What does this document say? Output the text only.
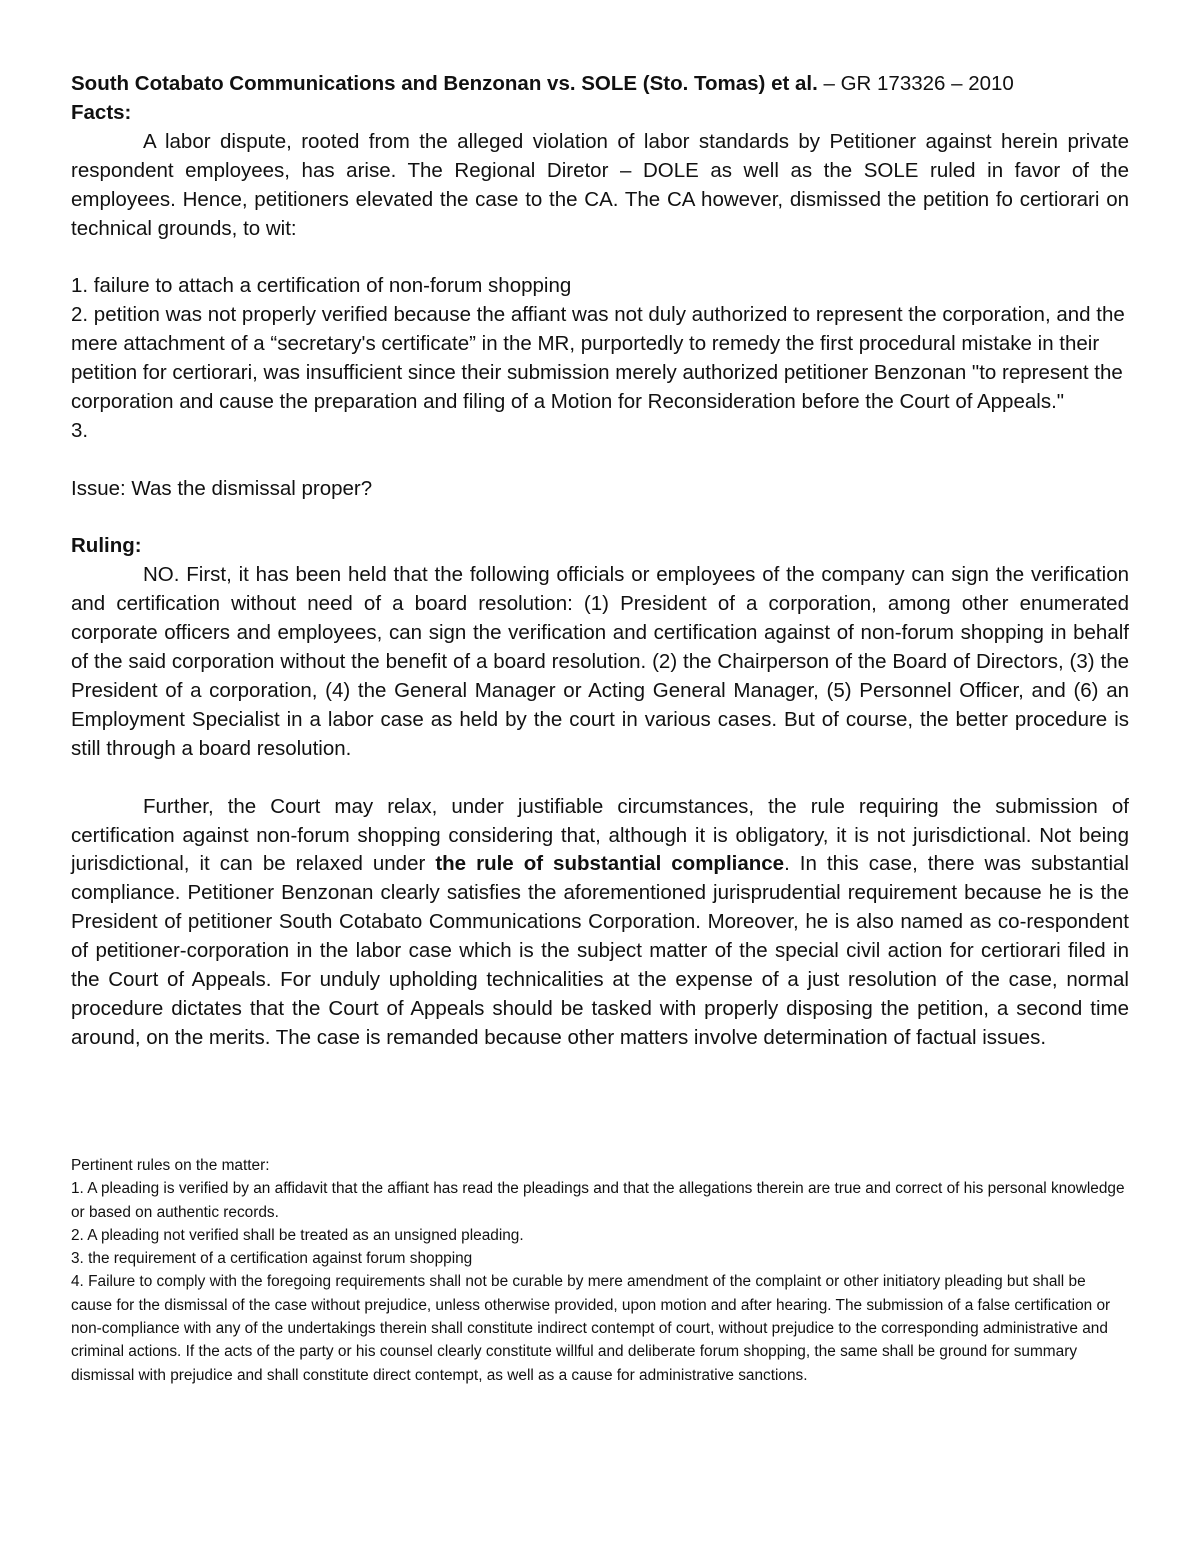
South Cotabato Communications and Benzonan vs. SOLE (Sto. Tomas) et al. – GR 173326 – 2010

Facts:

A labor dispute, rooted from the alleged violation of labor standards by Petitioner against herein private respondent employees, has arise. The Regional Diretor – DOLE as well as the SOLE ruled in favor of the employees. Hence, petitioners elevated the case to the CA. The CA however, dismissed the petition fo certiorari on technical grounds, to wit:

1. failure to attach a certification of non-forum shopping

2. petition was not properly verified because the affiant was not duly authorized to represent the corporation, and the mere attachment of a “secretary's certificate” in the MR, purportedly to remedy the first procedural mistake in their petition for certiorari, was insufficient since their submission merely authorized petitioner Benzonan "to represent the corporation and cause the preparation and filing of a Motion for Reconsideration before the Court of Appeals."

3.

Issue: Was the dismissal proper?

Ruling:

NO. First, it has been held that the following officials or employees of the company can sign the verification and certification without need of a board resolution: (1) President of a corporation, among other enumerated corporate officers and employees, can sign the verification and certification against of non-forum shopping in behalf of the said corporation without the benefit of a board resolution. (2) the Chairperson of the Board of Directors, (3) the President of a corporation, (4) the General Manager or Acting General Manager, (5) Personnel Officer, and (6) an Employment Specialist in a labor case as held by the court in various cases. But of course, the better procedure is still through a board resolution.

Further, the Court may relax, under justifiable circumstances, the rule requiring the submission of certification against non-forum shopping considering that, although it is obligatory, it is not jurisdictional. Not being jurisdictional, it can be relaxed under the rule of substantial compliance. In this case, there was substantial compliance. Petitioner Benzonan clearly satisfies the aforementioned jurisprudential requirement because he is the President of petitioner South Cotabato Communications Corporation. Moreover, he is also named as co-respondent of petitioner-corporation in the labor case which is the subject matter of the special civil action for certiorari filed in the Court of Appeals. For unduly upholding technicalities at the expense of a just resolution of the case, normal procedure dictates that the Court of Appeals should be tasked with properly disposing the petition, a second time around, on the merits. The case is remanded because other matters involve determination of factual issues.

Pertinent rules on the matter:

1. A pleading is verified by an affidavit that the affiant has read the pleadings and that the allegations therein are true and correct of his personal knowledge or based on authentic records.

2. A pleading not verified shall be treated as an unsigned pleading.

3. the requirement of a certification against forum shopping

4. Failure to comply with the foregoing requirements shall not be curable by mere amendment of the complaint or other initiatory pleading but shall be cause for the dismissal of the case without prejudice, unless otherwise provided, upon motion and after hearing. The submission of a false certification or non-compliance with any of the undertakings therein shall constitute indirect contempt of court, without prejudice to the corresponding administrative and criminal actions. If the acts of the party or his counsel clearly constitute willful and deliberate forum shopping, the same shall be ground for summary dismissal with prejudice and shall constitute direct contempt, as well as a cause for administrative sanctions.
